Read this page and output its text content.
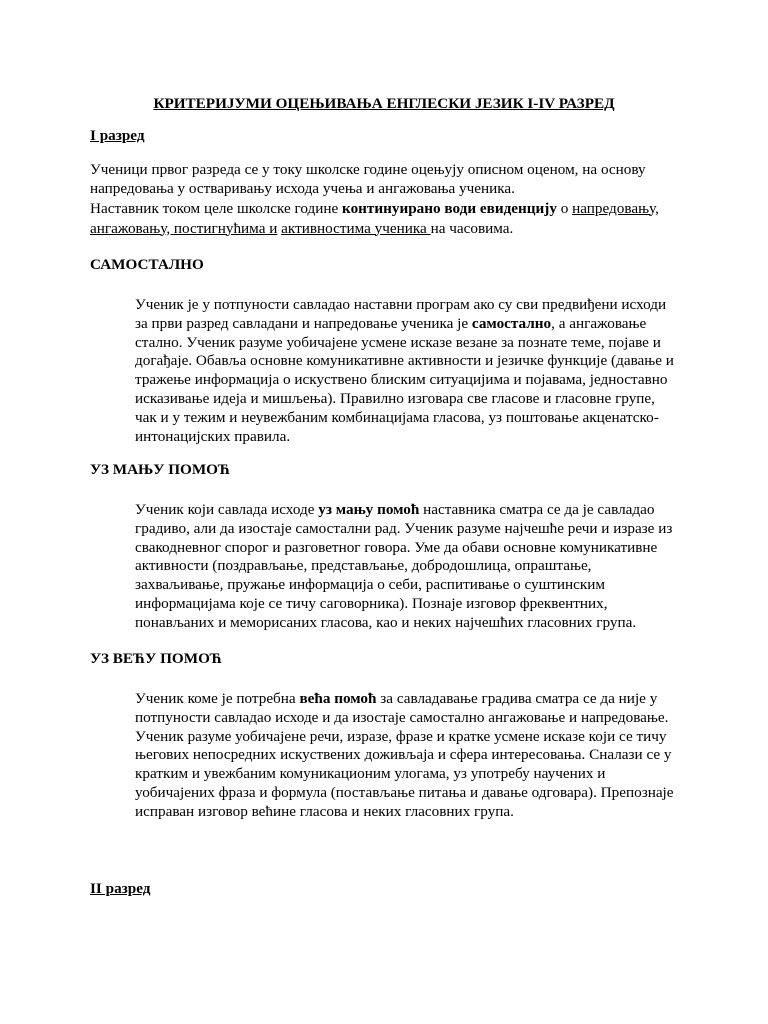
КРИТЕРИЈУМИ ОЦЕЊИВАЊА ЕНГЛЕСКИ ЈЕЗИК I-IV РАЗРЕД
I разред

Ученици првог разреда се у току школске године оцењују описном оценом, на основу напредовања у остваривању исхода учења и ангажовања ученика.

Наставник током целе школске године континуирано води евиденцију о напредовању, ангажовању, постигнућима и активностима ученика на часовима.

САМОСТАЛНО
Ученик је у потпуности савладао наставни програм ако су сви предвиђени исходи за први разред савладани и напредовање ученика је самостално, а ангажовање стално. Ученик разуме уобичајене усмене исказе везане за познате теме, појаве и догађаје. Обавља основне комуникативне активности и језичке функције (давање и тражење информација о искуствено блиским ситуацијима и појавама, једноставно исказивање идеја и мишљења). Правилно изговара све гласове и гласовне групе, чак и у тежим и неувежбаним комбинацијама гласова, уз поштовање акценатско-интонацијских правила.
УЗ МАЊУ ПОМОЋ
Ученик који савлада исходе уз мању помоћ наставника сматра се да је савладао градиво, али да изостаје самостални рад. Ученик разуме најчешће речи и изразе из свакодневног спорог и разговетног говора. Уме да обави основне комуникативне активности (поздрављање, представљање, добродошлица, опраштање, захваљивање, пружање информација о себи, распитивање о суштинским информацијама које се тичу саговорника). Познаје изговор фреквентних, понављаних и меморисаних гласова, као и неких најчешћих гласовних група.
УЗ ВЕЋУ ПОМОЋ
Ученик коме је потребна већа помоћ за савладавање градива сматра се да није у потпуности савладао исходе и да изостаје самостално ангажовање и напредовање. Ученик разуме уобичајене речи, изразе, фразе и кратке усмене исказе који се тичу његових непосредних искуствених доживљаја и сфера интересовања. Сналази се у кратким и увежбаним комуникационим улогама, уз употребу научених и уобичајених фраза и формула (постављање питања и давање одговара). Препознаје исправан изговор већине гласова и неких гласовних група.
II разред
